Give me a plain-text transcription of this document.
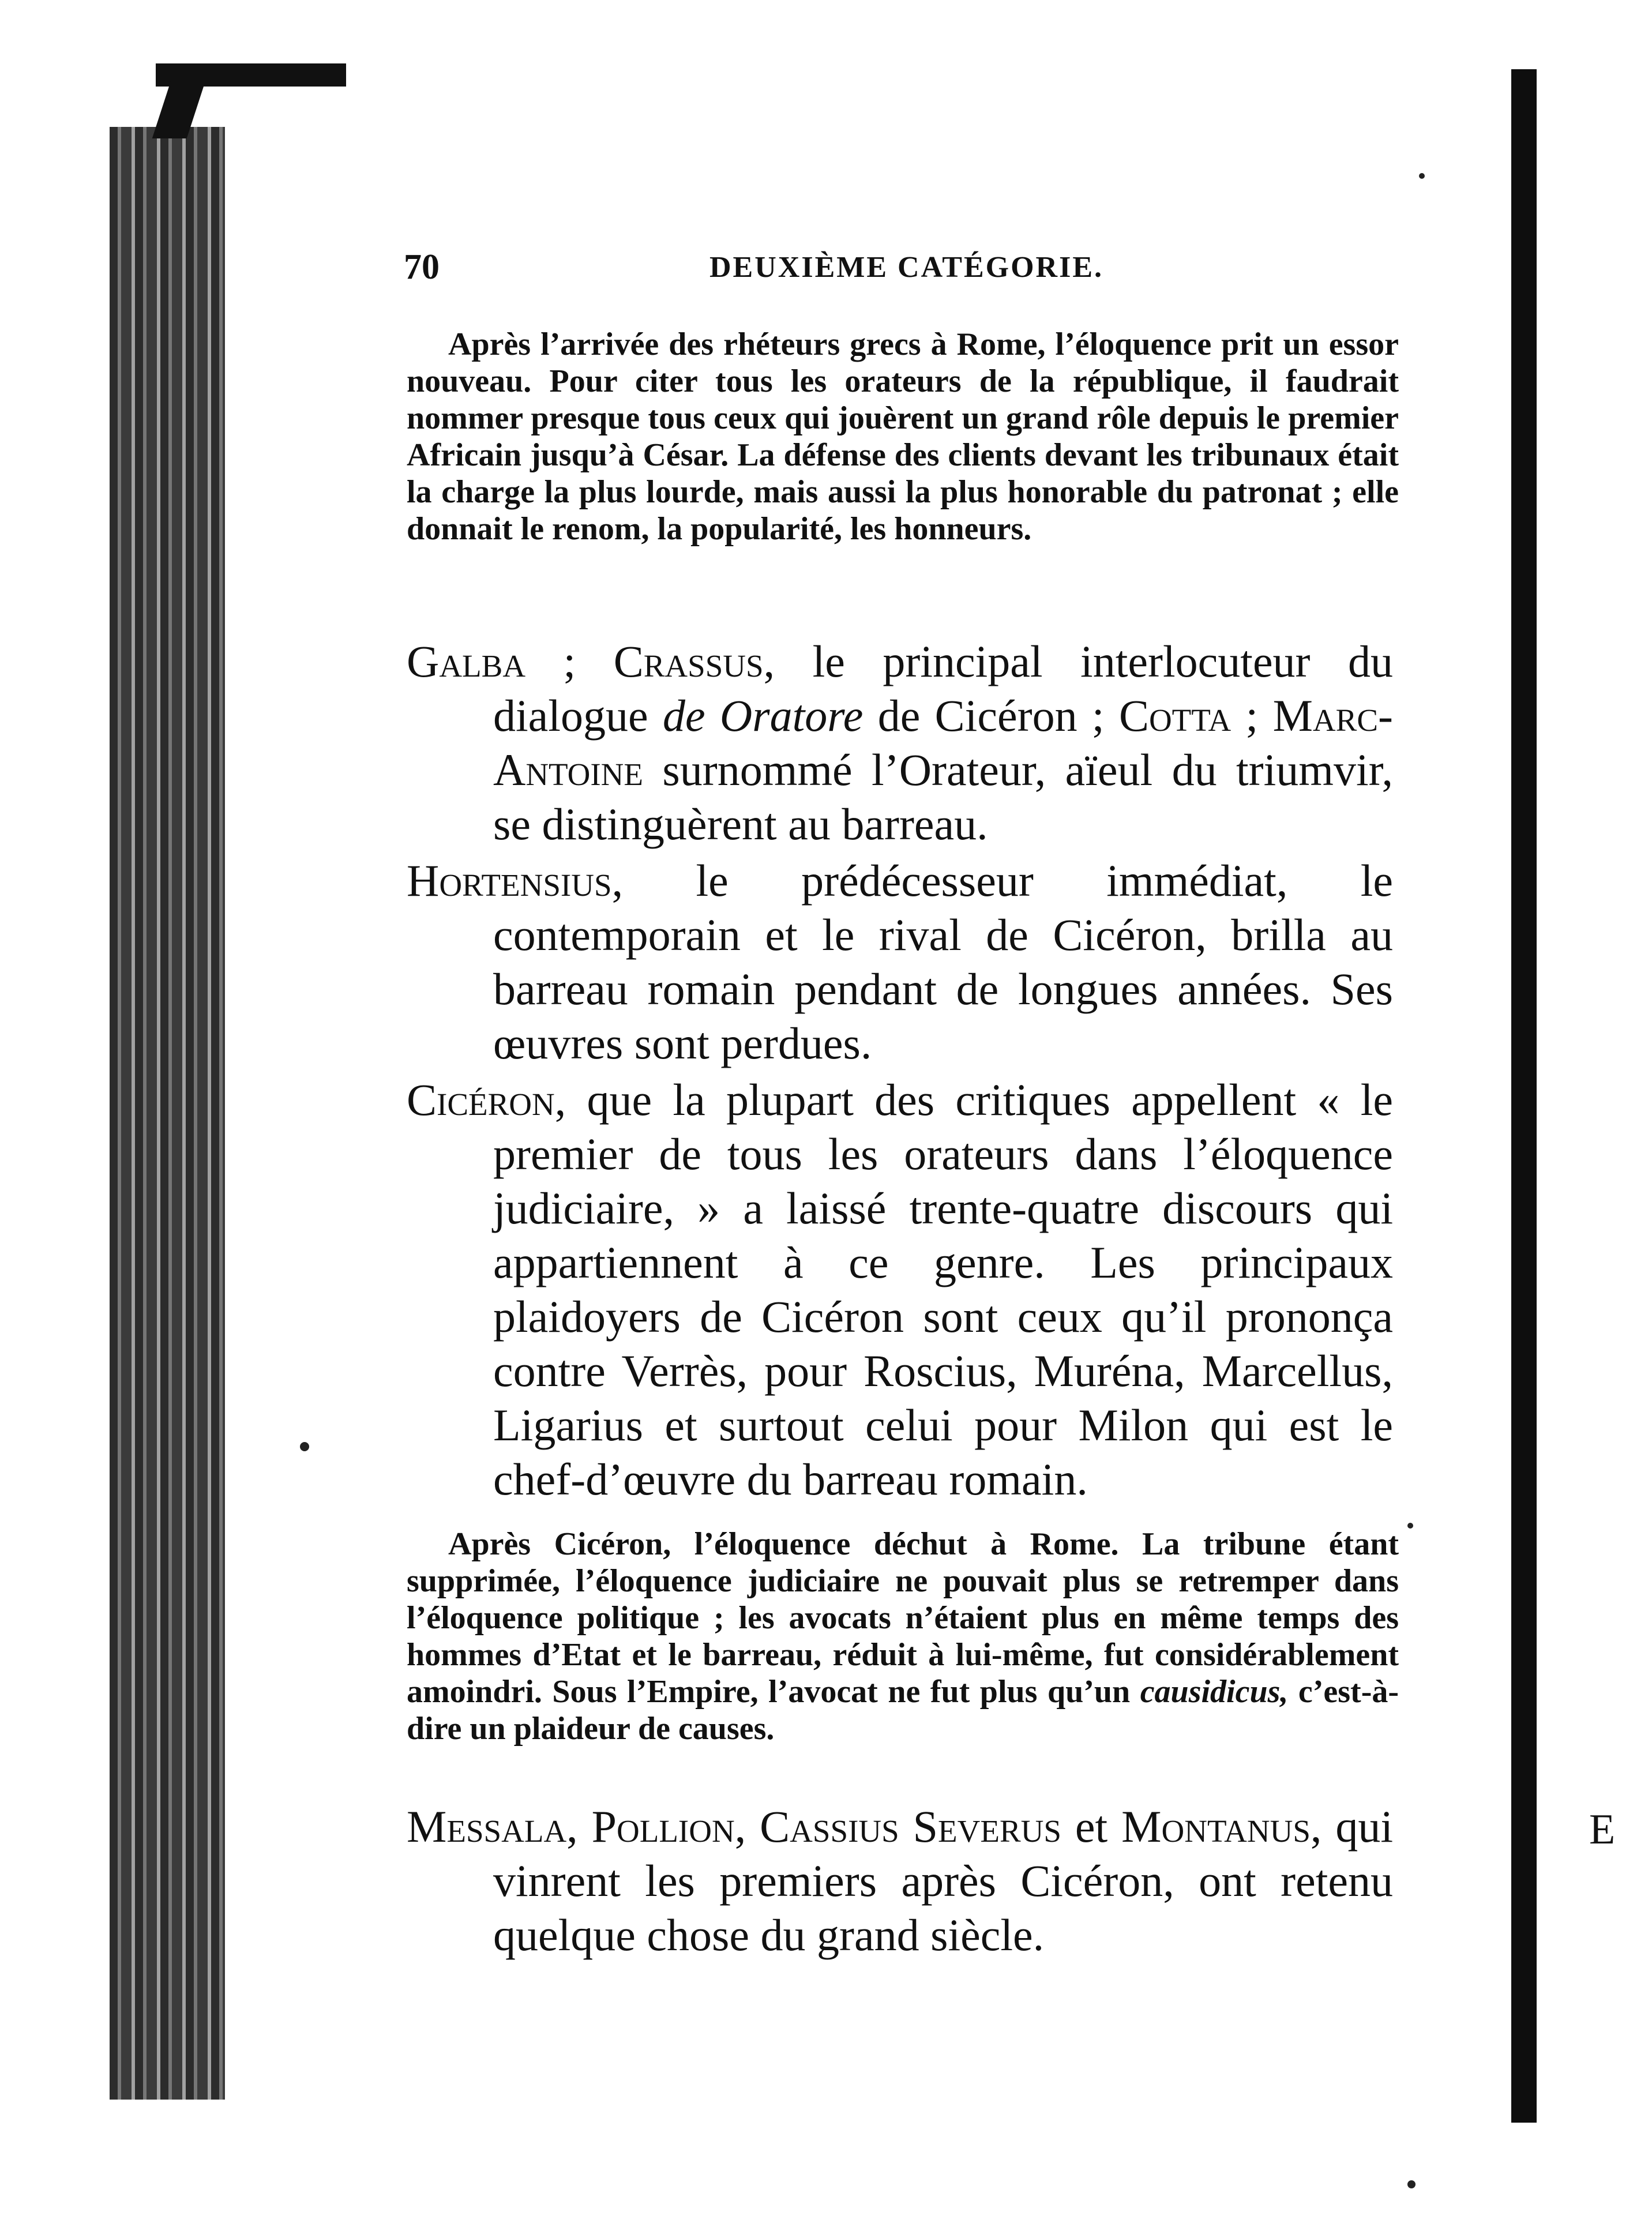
E
70	DEUXIÈME CATÉGORIE.

Après l’arrivée des rhéteurs grecs à Rome, l’éloquence prit un essor nouveau. Pour citer tous les orateurs de la république, il faudrait nommer presque tous ceux qui jouèrent un grand rôle depuis le premier Africain jusqu’à César. La défense des clients devant les tribunaux était la charge la plus lourde, mais aussi la plus honorable du patronat ; elle donnait le renom, la popularité, les honneurs.

Galba ; Crassus, le principal interlocuteur du dialogue de Oratore de Cicéron ; Cotta ; Marc-Antoine surnommé l’Orateur, aïeul du triumvir, se distinguèrent au barreau.

Hortensius, le prédécesseur immédiat, le contemporain et le rival de Cicéron, brilla au barreau romain pendant de longues années. Ses œuvres sont perdues.

Cicéron, que la plupart des critiques appellent « le premier de tous les orateurs dans l’éloquence judiciaire, » a laissé trente-quatre discours qui appartiennent à ce genre. Les principaux plaidoyers de Cicéron sont ceux qu’il prononça contre Verrès, pour Roscius, Muréna, Marcellus, Ligarius et surtout celui pour Milon qui est le chef-d’œuvre du barreau romain.

Après Cicéron, l’éloquence déchut à Rome. La tribune étant supprimée, l’éloquence judiciaire ne pouvait plus se retremper dans l’éloquence politique ; les avocats n’étaient plus en même temps des hommes d’Etat et le barreau, réduit à lui-même, fut considérablement amoindri. Sous l’Empire, l’avocat ne fut plus qu’un causidicus, c’est-à-dire un plaideur de causes.

Messala, Pollion, Cassius Severus et Montanus, qui vinrent les premiers après Cicéron, ont retenu quelque chose du grand siècle.
